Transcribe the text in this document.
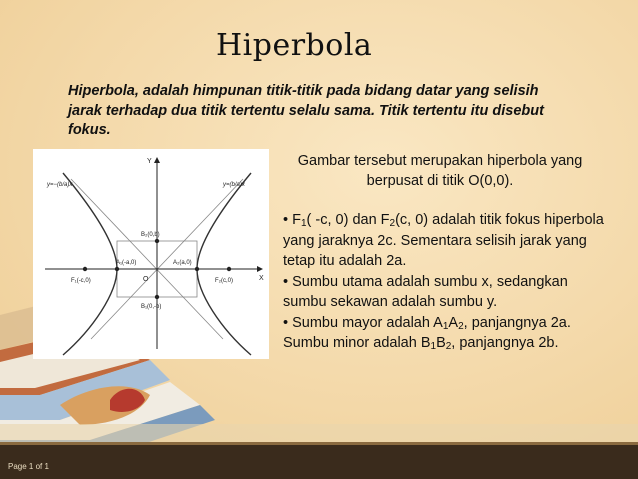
Hiperbola
Hiperbola, adalah himpunan titik-titik pada bidang datar yang selisih jarak terhadap dua titik tertentu selalu sama. Titik tertentu itu disebut fokus.
X
Y
O
y=−(b/a)x	y=(b/a)x
B₂(0,b)
B₁(0,-b)
A₁(-a,0)	A₂(a,0)
F₁(-c,0)	F₂(c,0)
Gambar tersebut merupakan hiperbola yang berpusat di titik O(0,0).

• $F_1$( -c, 0) dan $F_2(c$, 0) adalah titik fokus hiperbola yang jaraknya 2c. Sementara selisih jarak yang tetap itu adalah 2a.

• Sumbu utama adalah sumbu x, sedangkan sumbu sekawan adalah sumbu y.

• Sumbu mayor adalah $A_1A_2$, panjangnya 2a. Sumbu minor adalah $B_1B_2$, panjangnya 2b.

Page 1 of 1
